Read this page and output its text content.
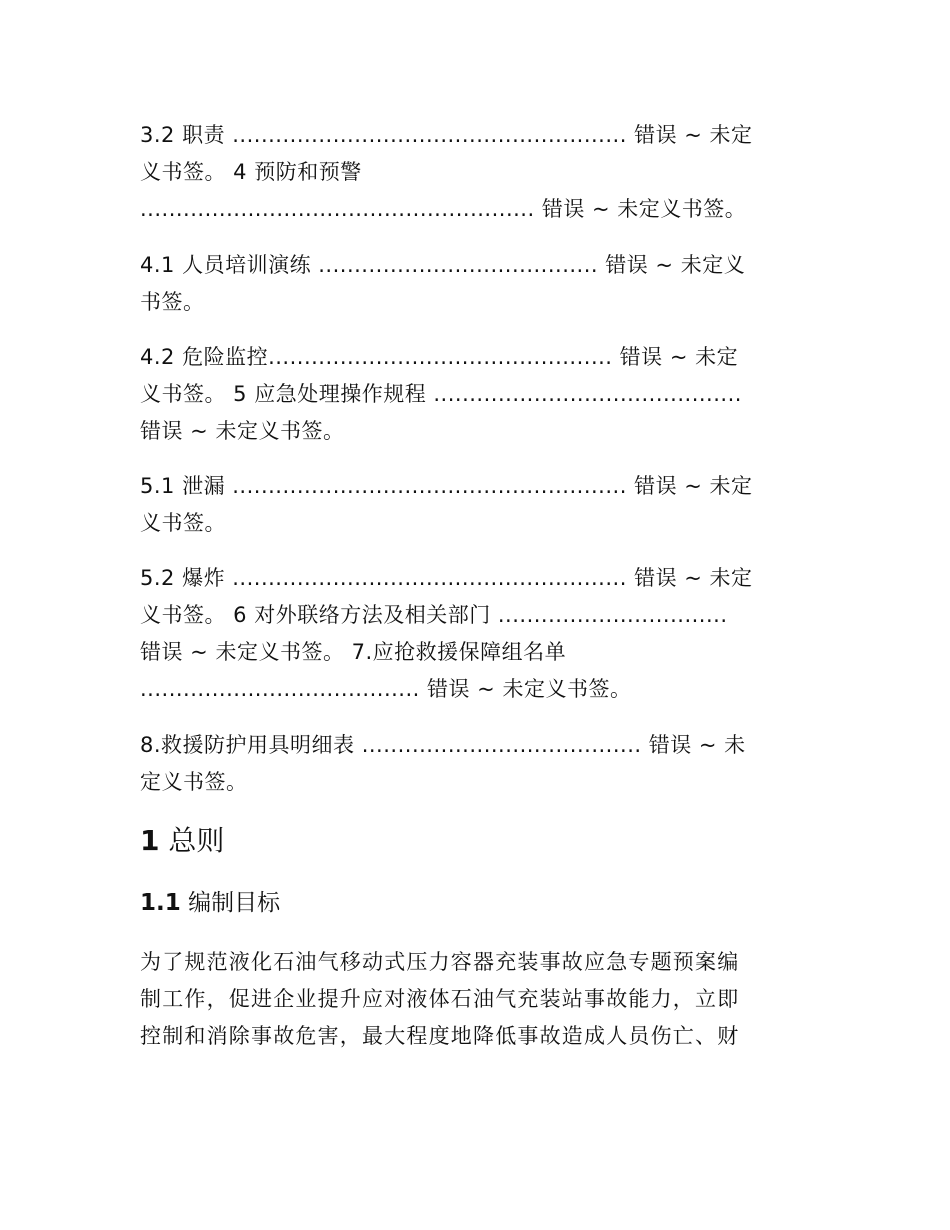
3.2 职责 ....................................................... 错误 ~ 未定
义书签。 4 预防和预警
....................................................... 错误 ~ 未定义书签。
4.1 人员培训演练 ....................................... 错误 ~ 未定义
书签。
4.2 危险监控................................................ 错误 ~ 未定
义书签。 5 应急处理操作规程 ...........................................
错误 ~ 未定义书签。
5.1 泄漏 ....................................................... 错误 ~ 未定
义书签。
5.2 爆炸 ....................................................... 错误 ~ 未定
义书签。 6 对外联络方法及相关部门 ................................
错误 ~ 未定义书签。 7.应抢救援保障组名单
....................................... 错误 ~ 未定义书签。
8.救援防护用具明细表 ....................................... 错误 ~ 未
定义书签。
1 总则
1.1 编制目标
为了规范液化石油气移动式压力容器充装事故应急专题预案编
制工作，促进企业提升应对液体石油气充装站事故能力，立即
控制和消除事故危害，最大程度地降低事故造成人员伤亡、财
